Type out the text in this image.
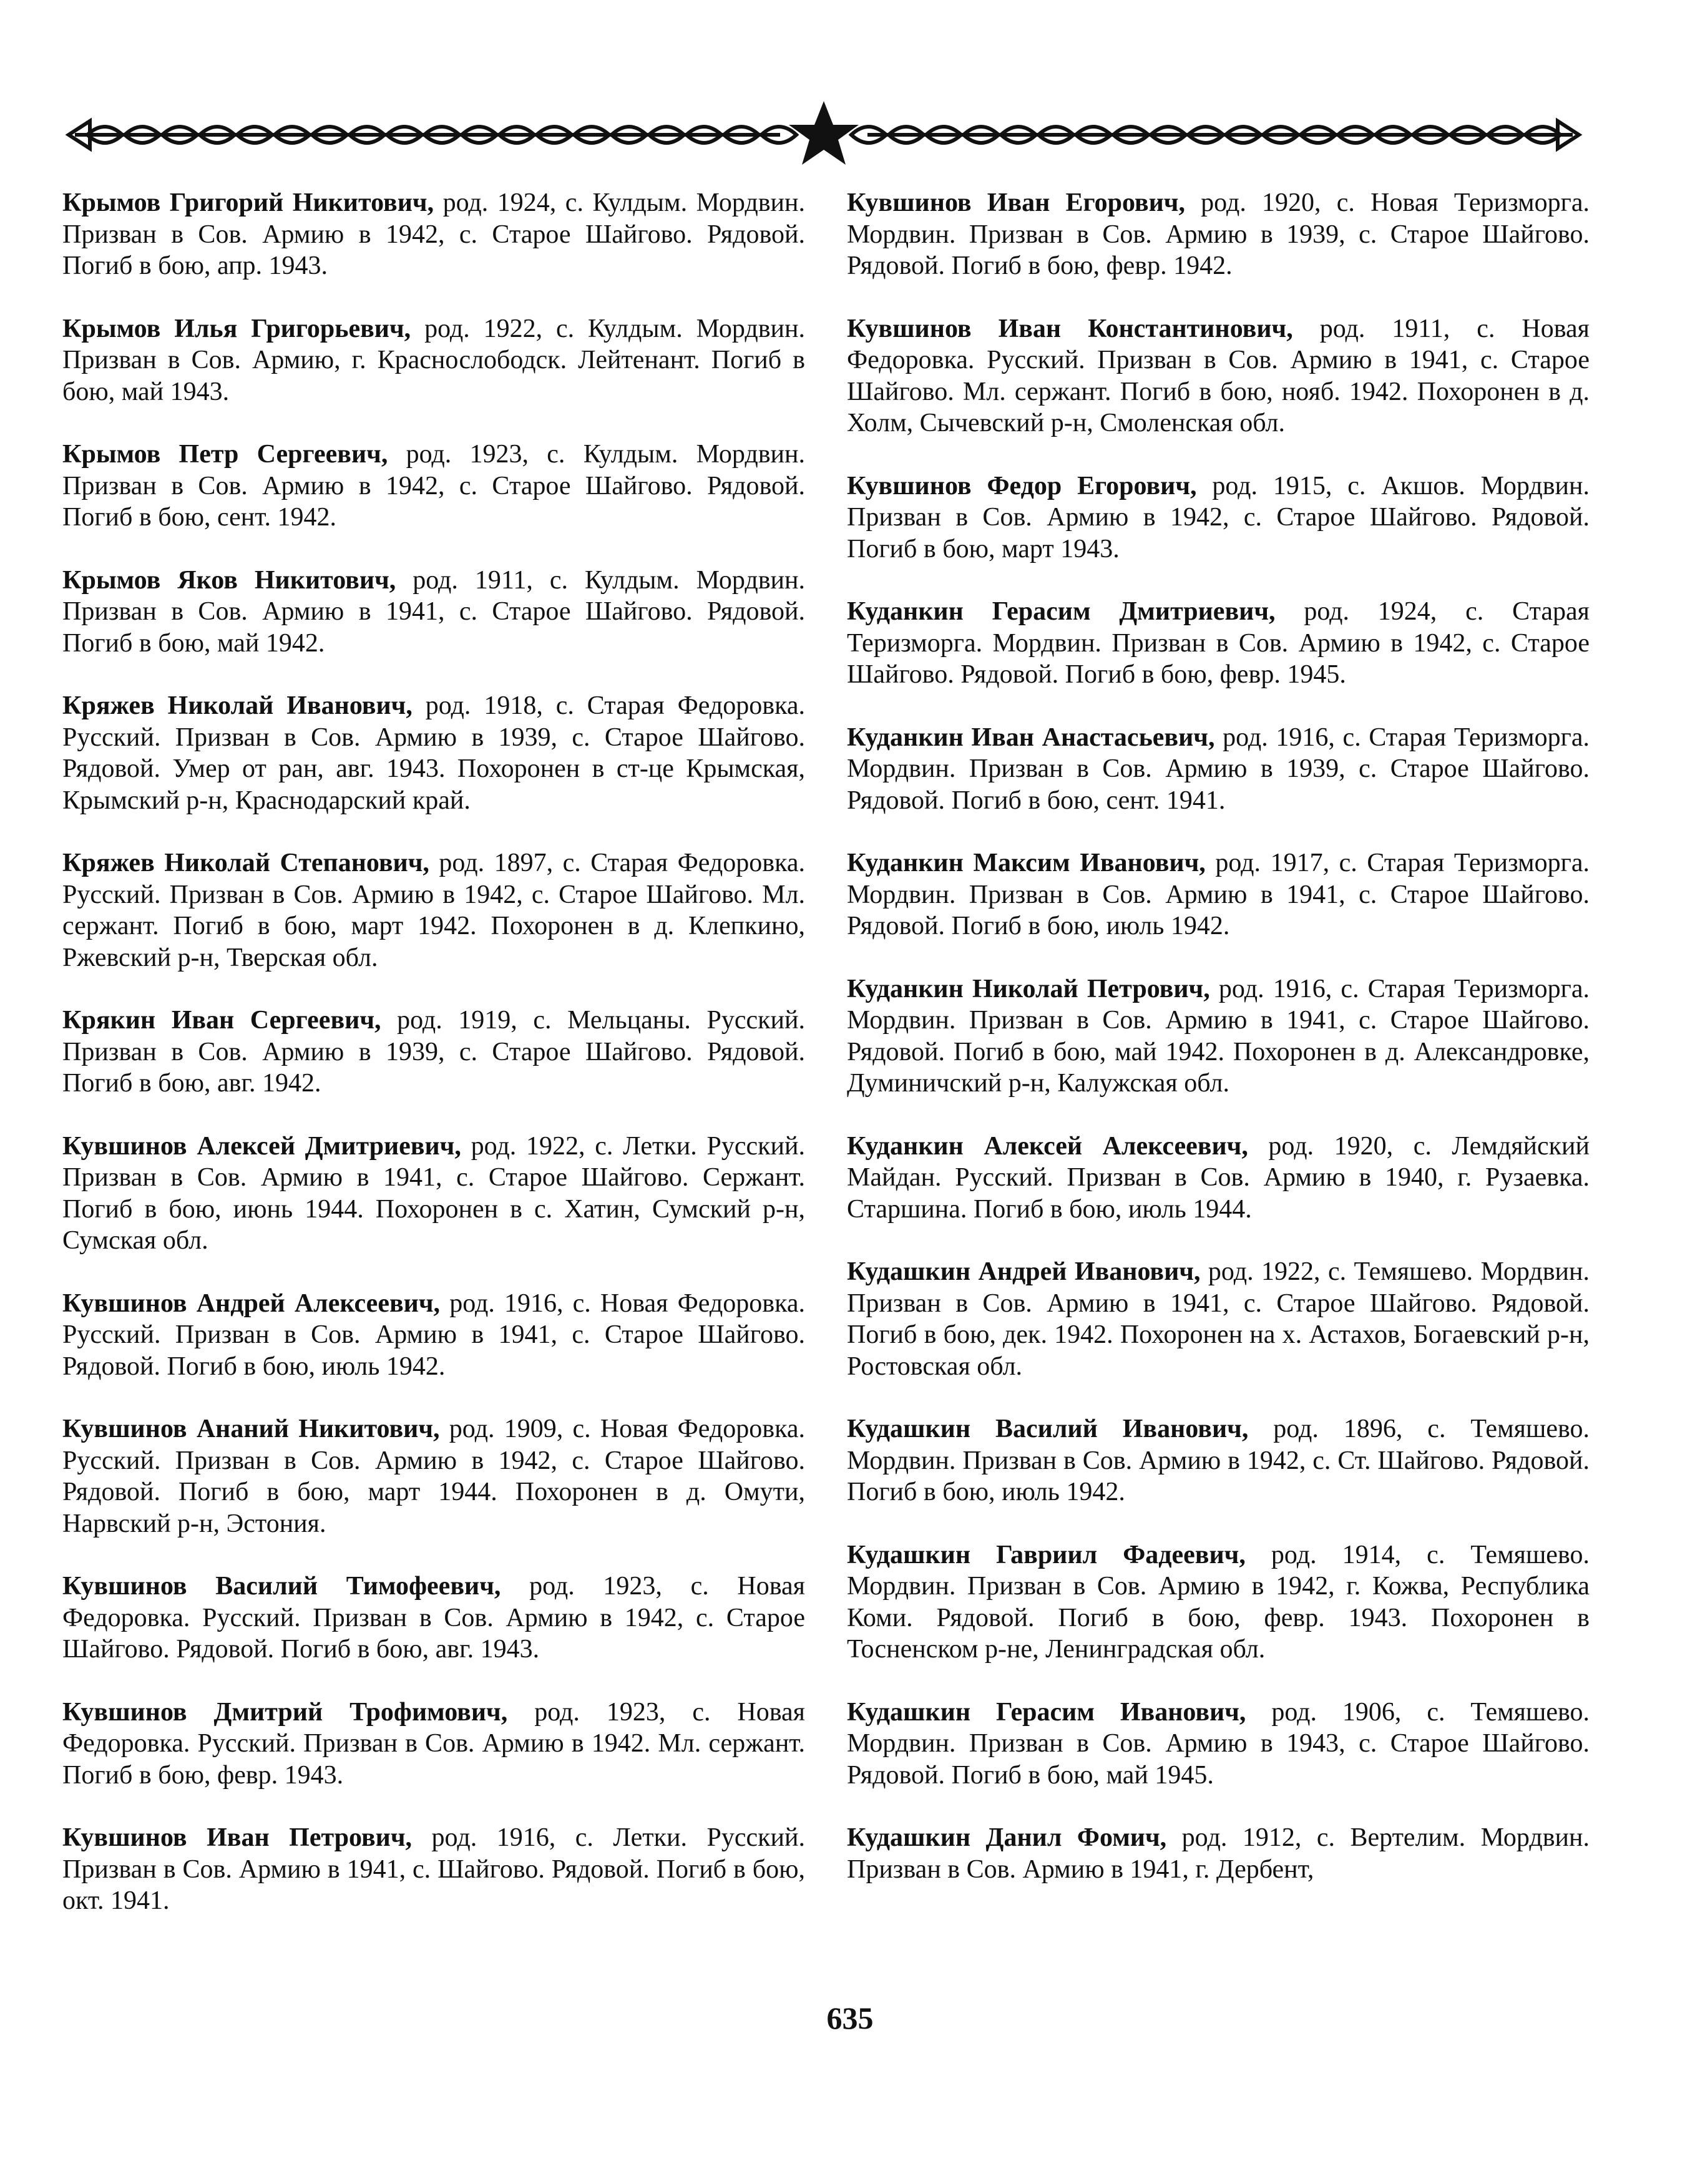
Крымов Григорий Никитович, род. 1924, с. Кулдым. Мордвин. Призван в Сов. Армию в 1942, с. Старое Шайгово. Рядовой. Погиб в бою, апр. 1943.

Крымов Илья Григорьевич, род. 1922, с. Кулдым. Мордвин. Призван в Сов. Армию, г. Краснослободск. Лейтенант. Погиб в бою, май 1943.

Крымов Петр Сергеевич, род. 1923, с. Кулдым. Мордвин. Призван в Сов. Армию в 1942, с. Старое Шайгово. Рядовой. Погиб в бою, сент. 1942.

Крымов Яков Никитович, род. 1911, с. Кулдым. Мордвин. Призван в Сов. Армию в 1941, с. Старое Шайгово. Рядовой. Погиб в бою, май 1942.

Кряжев Николай Иванович, род. 1918, с. Старая Федоровка. Русский. Призван в Сов. Армию в 1939, с. Старое Шайгово. Рядовой. Умер от ран, авг. 1943. Похоронен в ст-це Крымская, Крымский р-н, Краснодарский край.

Кряжев Николай Степанович, род. 1897, с. Старая Федоровка. Русский. Призван в Сов. Армию в 1942, с. Старое Шайгово. Мл. сержант. Погиб в бою, март 1942. Похоронен в д. Клепкино, Ржевский р-н, Тверская обл.

Крякин Иван Сергеевич, род. 1919, с. Мельцаны. Русский. Призван в Сов. Армию в 1939, с. Старое Шайгово. Рядовой. Погиб в бою, авг. 1942.

Кувшинов Алексей Дмитриевич, род. 1922, с. Летки. Русский. Призван в Сов. Армию в 1941, с. Старое Шайгово. Сержант. Погиб в бою, июнь 1944. Похоронен в с. Хатин, Сумский р-н, Сумская обл.

Кувшинов Андрей Алексеевич, род. 1916, с. Новая Федоровка. Русский. Призван в Сов. Армию в 1941, с. Старое Шайгово. Рядовой. Погиб в бою, июль 1942.

Кувшинов Ананий Никитович, род. 1909, с. Новая Федоровка. Русский. Призван в Сов. Армию в 1942, с. Старое Шайгово. Рядовой. Погиб в бою, март 1944. Похоронен в д. Омути, Нарвский р-н, Эстония.

Кувшинов Василий Тимофеевич, род. 1923, с. Новая Федоровка. Русский. Призван в Сов. Армию в 1942, с. Старое Шайгово. Рядовой. Погиб в бою, авг. 1943.

Кувшинов Дмитрий Трофимович, род. 1923, с. Новая Федоровка. Русский. Призван в Сов. Армию в 1942. Мл. сержант. Погиб в бою, февр. 1943.

Кувшинов Иван Петрович, род. 1916, с. Летки. Русский. Призван в Сов. Армию в 1941, с. Шайгово. Рядовой. Погиб в бою, окт. 1941.

Кувшинов Иван Егорович, род. 1920, с. Новая Теризморга. Мордвин. Призван в Сов. Армию в 1939, с. Старое Шайгово. Рядовой. Погиб в бою, февр. 1942.

Кувшинов Иван Константинович, род. 1911, с. Новая Федоровка. Русский. Призван в Сов. Армию в 1941, с. Старое Шайгово. Мл. сержант. Погиб в бою, нояб. 1942. Похоронен в д. Холм, Сычевский р-н, Смоленская обл.

Кувшинов Федор Егорович, род. 1915, с. Акшов. Мордвин. Призван в Сов. Армию в 1942, с. Старое Шайгово. Рядовой. Погиб в бою, март 1943.

Куданкин Герасим Дмитриевич, род. 1924, с. Старая Теризморга. Мордвин. Призван в Сов. Армию в 1942, с. Старое Шайгово. Рядовой. Погиб в бою, февр. 1945.

Куданкин Иван Анастасьевич, род. 1916, с. Старая Теризморга. Мордвин. Призван в Сов. Армию в 1939, с. Старое Шайгово. Рядовой. Погиб в бою, сент. 1941.

Куданкин Максим Иванович, род. 1917, с. Старая Теризморга. Мордвин. Призван в Сов. Армию в 1941, с. Старое Шайгово. Рядовой. Погиб в бою, июль 1942.

Куданкин Николай Петрович, род. 1916, с. Старая Теризморга. Мордвин. Призван в Сов. Армию в 1941, с. Старое Шайгово. Рядовой. Погиб в бою, май 1942. Похоронен в д. Александровке, Думиничский р-н, Калужская обл.

Куданкин Алексей Алексеевич, род. 1920, с. Лемдяйский Майдан. Русский. Призван в Сов. Армию в 1940, г. Рузаевка. Старшина. Погиб в бою, июль 1944.

Кудашкин Андрей Иванович, род. 1922, с. Темяшево. Мордвин. Призван в Сов. Армию в 1941, с. Старое Шайгово. Рядовой. Погиб в бою, дек. 1942. Похоронен на х. Астахов, Богаевский р-н, Ростовская обл.

Кудашкин Василий Иванович, род. 1896, с. Темяшево. Мордвин. Призван в Сов. Армию в 1942, с. Ст. Шайгово. Рядовой. Погиб в бою, июль 1942.

Кудашкин Гавриил Фадеевич, род. 1914, с. Темяшево. Мордвин. Призван в Сов. Армию в 1942, г. Кожва, Республика Коми. Рядовой. Погиб в бою, февр. 1943. Похоронен в Тосненском р-не, Ленинградская обл.

Кудашкин Герасим Иванович, род. 1906, с. Темяшево. Мордвин. Призван в Сов. Армию в 1943, с. Старое Шайгово. Рядовой. Погиб в бою, май 1945.

Кудашкин Данил Фомич, род. 1912, с. Вертелим. Мордвин. Призван в Сов. Армию в 1941, г. Дербент,

635
